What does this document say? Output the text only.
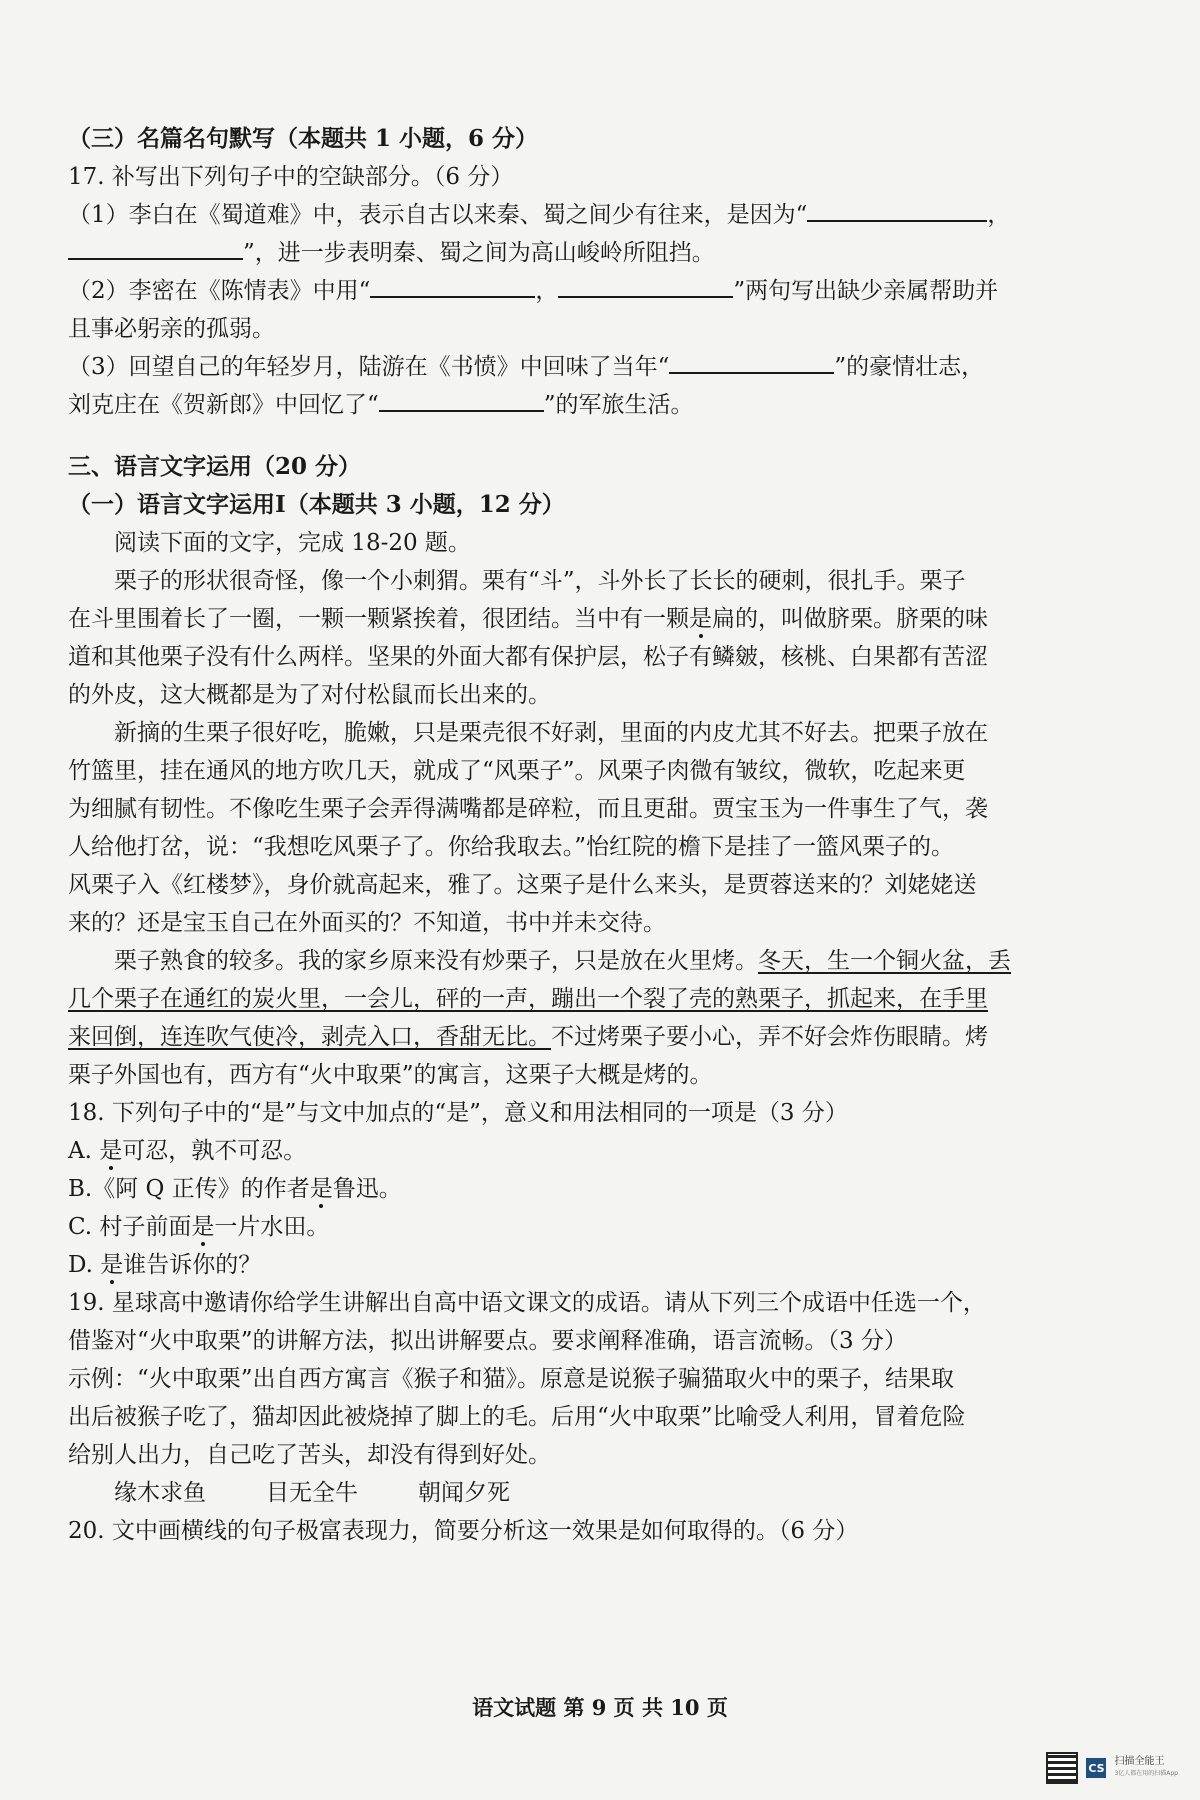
（三）名篇名句默写（本题共 1 小题，6 分）
17. 补写出下列句子中的空缺部分。（6 分）
（1）李白在《蜀道难》中，表示自古以来秦、蜀之间少有往来，是因为“	，
”，进一步表明秦、蜀之间为高山峻岭所阻挡。
（2）李密在《陈情表》中用“	，	”两句写出缺少亲属帮助并
且事必躬亲的孤弱。
（3）回望自己的年轻岁月，陆游在《书愤》中回味了当年“	”的豪情壮志，
刘克庄在《贺新郎》中回忆了“	”的军旅生活。
三、语言文字运用（20 分）
（一）语言文字运用Ⅰ（本题共 3 小题，12 分）
阅读下面的文字，完成 18-20 题。
栗子的形状很奇怪，像一个小刺猬。栗有“斗”，斗外长了长长的硬刺，很扎手。栗子
在斗里围着长了一圈，一颗一颗紧挨着，很团结。当中有一颗是扁的，叫做脐栗。脐栗的味
道和其他栗子没有什么两样。坚果的外面大都有保护层，松子有鳞皴，核桃、白果都有苦涩
的外皮，这大概都是为了对付松鼠而长出来的。
新摘的生栗子很好吃，脆嫩，只是栗壳很不好剥，里面的内皮尤其不好去。把栗子放在
竹篮里，挂在通风的地方吹几天，就成了“风栗子”。风栗子肉微有皱纹，微软，吃起来更
为细腻有韧性。不像吃生栗子会弄得满嘴都是碎粒，而且更甜。贾宝玉为一件事生了气，袭
人给他打岔，说：“我想吃风栗子了。你给我取去。”怡红院的檐下是挂了一篮风栗子的。
风栗子入《红楼梦》，身价就高起来，雅了。这栗子是什么来头，是贾蓉送来的？刘姥姥送
来的？还是宝玉自己在外面买的？不知道，书中并未交待。
栗子熟食的较多。我的家乡原来没有炒栗子，只是放在火里烤。冬天，生一个铜火盆，丢
几个栗子在通红的炭火里，一会儿，砰的一声，蹦出一个裂了壳的熟栗子，抓起来，在手里
来回倒，连连吹气使冷，剥壳入口，香甜无比。不过烤栗子要小心，弄不好会炸伤眼睛。烤
栗子外国也有，西方有“火中取栗”的寓言，这栗子大概是烤的。
18. 下列句子中的“是”与文中加点的“是”，意义和用法相同的一项是（3 分）
A. 是可忍，孰不可忍。
B.《阿 Q 正传》的作者是鲁迅。
C. 村子前面是一片水田。
D. 是谁告诉你的？
19. 星球高中邀请你给学生讲解出自高中语文课文的成语。请从下列三个成语中任选一个，
借鉴对“火中取栗”的讲解方法，拟出讲解要点。要求阐释准确，语言流畅。（3 分）
示例：“火中取栗”出自西方寓言《猴子和猫》。原意是说猴子骗猫取火中的栗子，结果取
出后被猴子吃了，猫却因此被烧掉了脚上的毛。后用“火中取栗”比喻受人利用，冒着危险
给别人出力，自己吃了苦头，却没有得到好处。
缘木求鱼	目无全牛	朝闻夕死
20. 文中画横线的句子极富表现力，简要分析这一效果是如何取得的。（6 分）
语文试题 第 9 页 共 10 页
CS 扫描全能王
3亿人都在用的扫描App
